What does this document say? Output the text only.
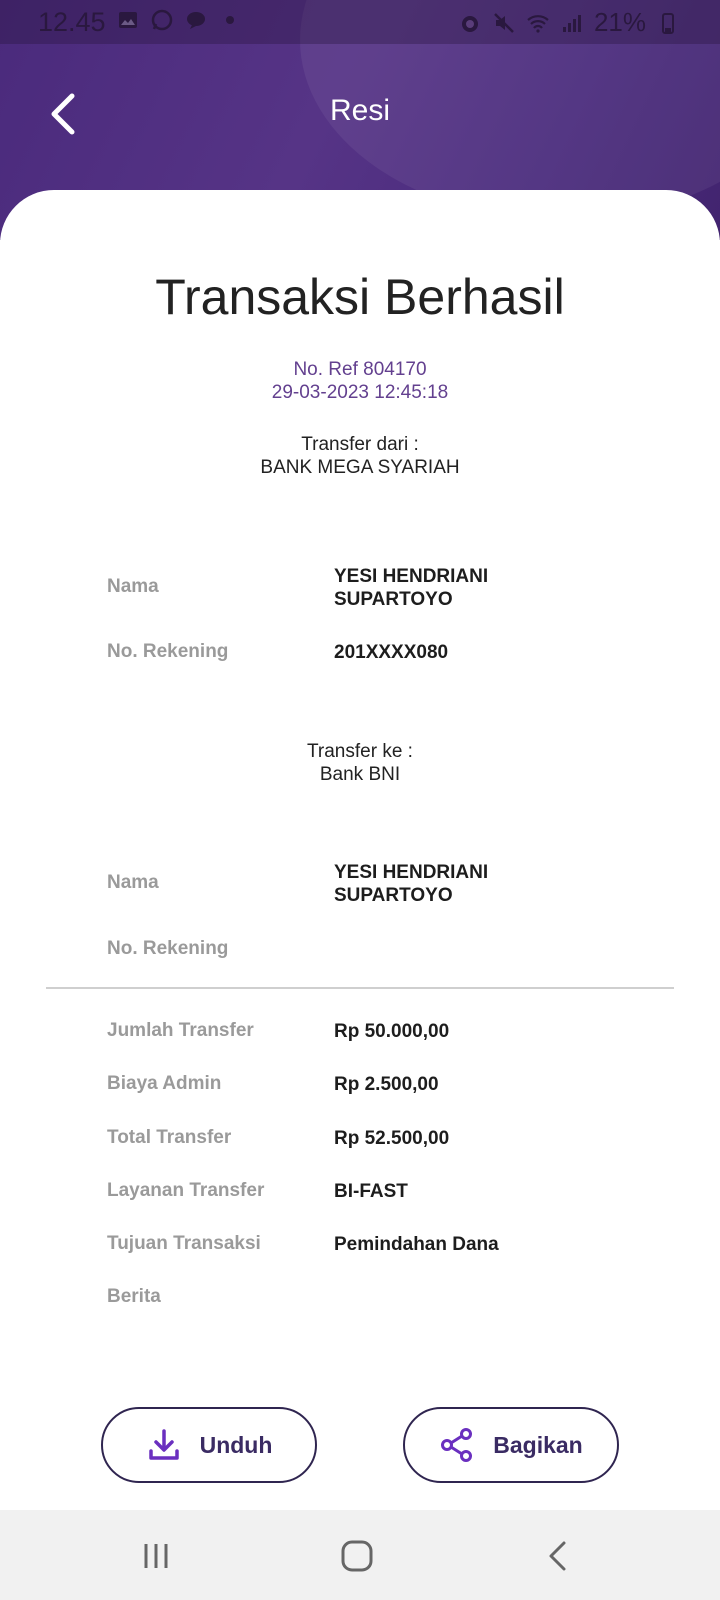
12.45	21%
Resi
Transaksi Berhasil
No. Ref 804170
29-03-2023 12:45:18
Transfer dari :
BANK MEGA SYARIAH
Nama	YESI HENDRIANI
SUPARTOYO
No. Rekening	201XXXX080
Transfer ke :
Bank BNI
Nama	YESI HENDRIANI
SUPARTOYO
No. Rekening
Jumlah Transfer	Rp 50.000,00
Biaya Admin	Rp 2.500,00
Total Transfer	Rp 52.500,00
Layanan Transfer	BI-FAST
Tujuan Transaksi	Pemindahan Dana
Berita
Unduh	Bagikan
